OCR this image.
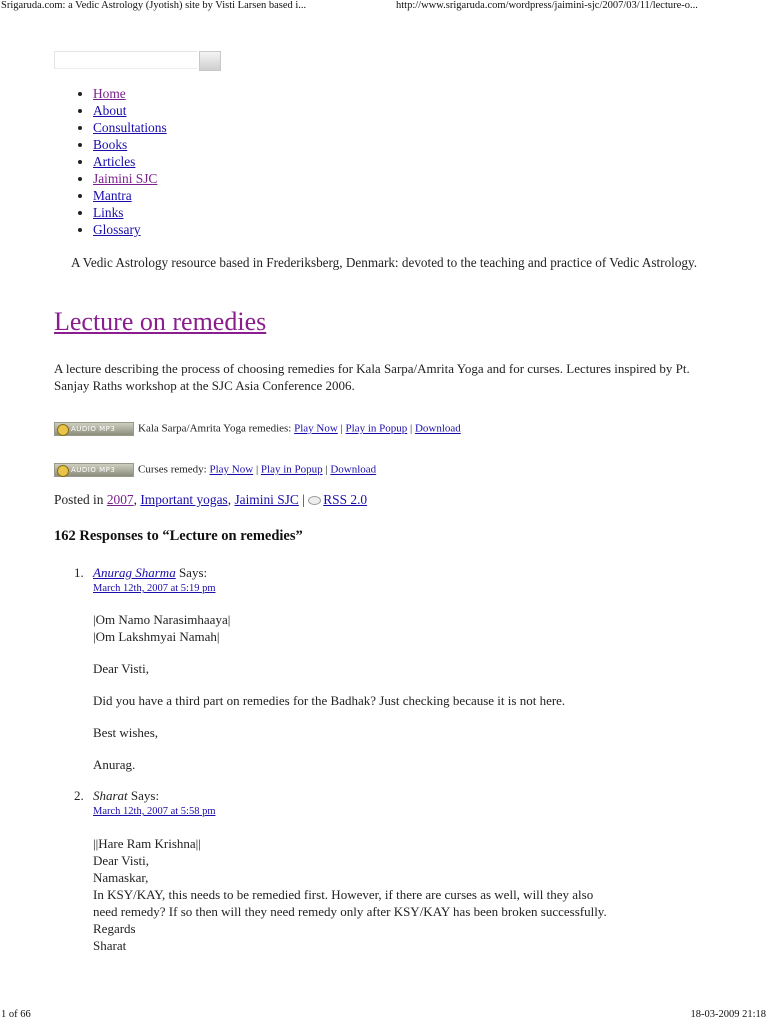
Srigaruda.com: a Vedic Astrology (Jyotish) site by Visti Larsen based i...	http://www.srigaruda.com/wordpress/jaimini-sjc/2007/03/11/lecture-o...
• Home
• About
• Consultations
• Books
• Articles
• Jaimini SJC
• Mantra
• Links
• Glossary
A Vedic Astrology resource based in Frederiksberg, Denmark: devoted to the teaching and practice of Vedic Astrology.
Lecture on remedies
A lecture describing the process of choosing remedies for Kala Sarpa/Amrita Yoga and for curses. Lectures inspired by Pt. Sanjay Raths workshop at the SJC Asia Conference 2006.
AUDIO MP3 Kala Sarpa/Amrita Yoga remedies: Play Now | Play in Popup | Download
AUDIO MP3 Curses remedy: Play Now | Play in Popup | Download
Posted in 2007, Important yogas, Jaimini SJC | RSS 2.0
162 Responses to “Lecture on remedies”
1. Anurag Sharma Says:
March 12th, 2007 at 5:19 pm
|Om Namo Narasimhaaya|
|Om Lakshmyai Namah|
Dear Visti,
Did you have a third part on remedies for the Badhak? Just checking because it is not here.
Best wishes,
Anurag.
2. Sharat Says:
March 12th, 2007 at 5:58 pm
||Hare Ram Krishna||
Dear Visti,
Namaskar,
In KSY/KAY, this needs to be remedied first. However, if there are curses as well, will they also
need remedy? If so then will they need remedy only after KSY/KAY has been broken successfully.
Regards
Sharat
1 of 66	18-03-2009 21:18
